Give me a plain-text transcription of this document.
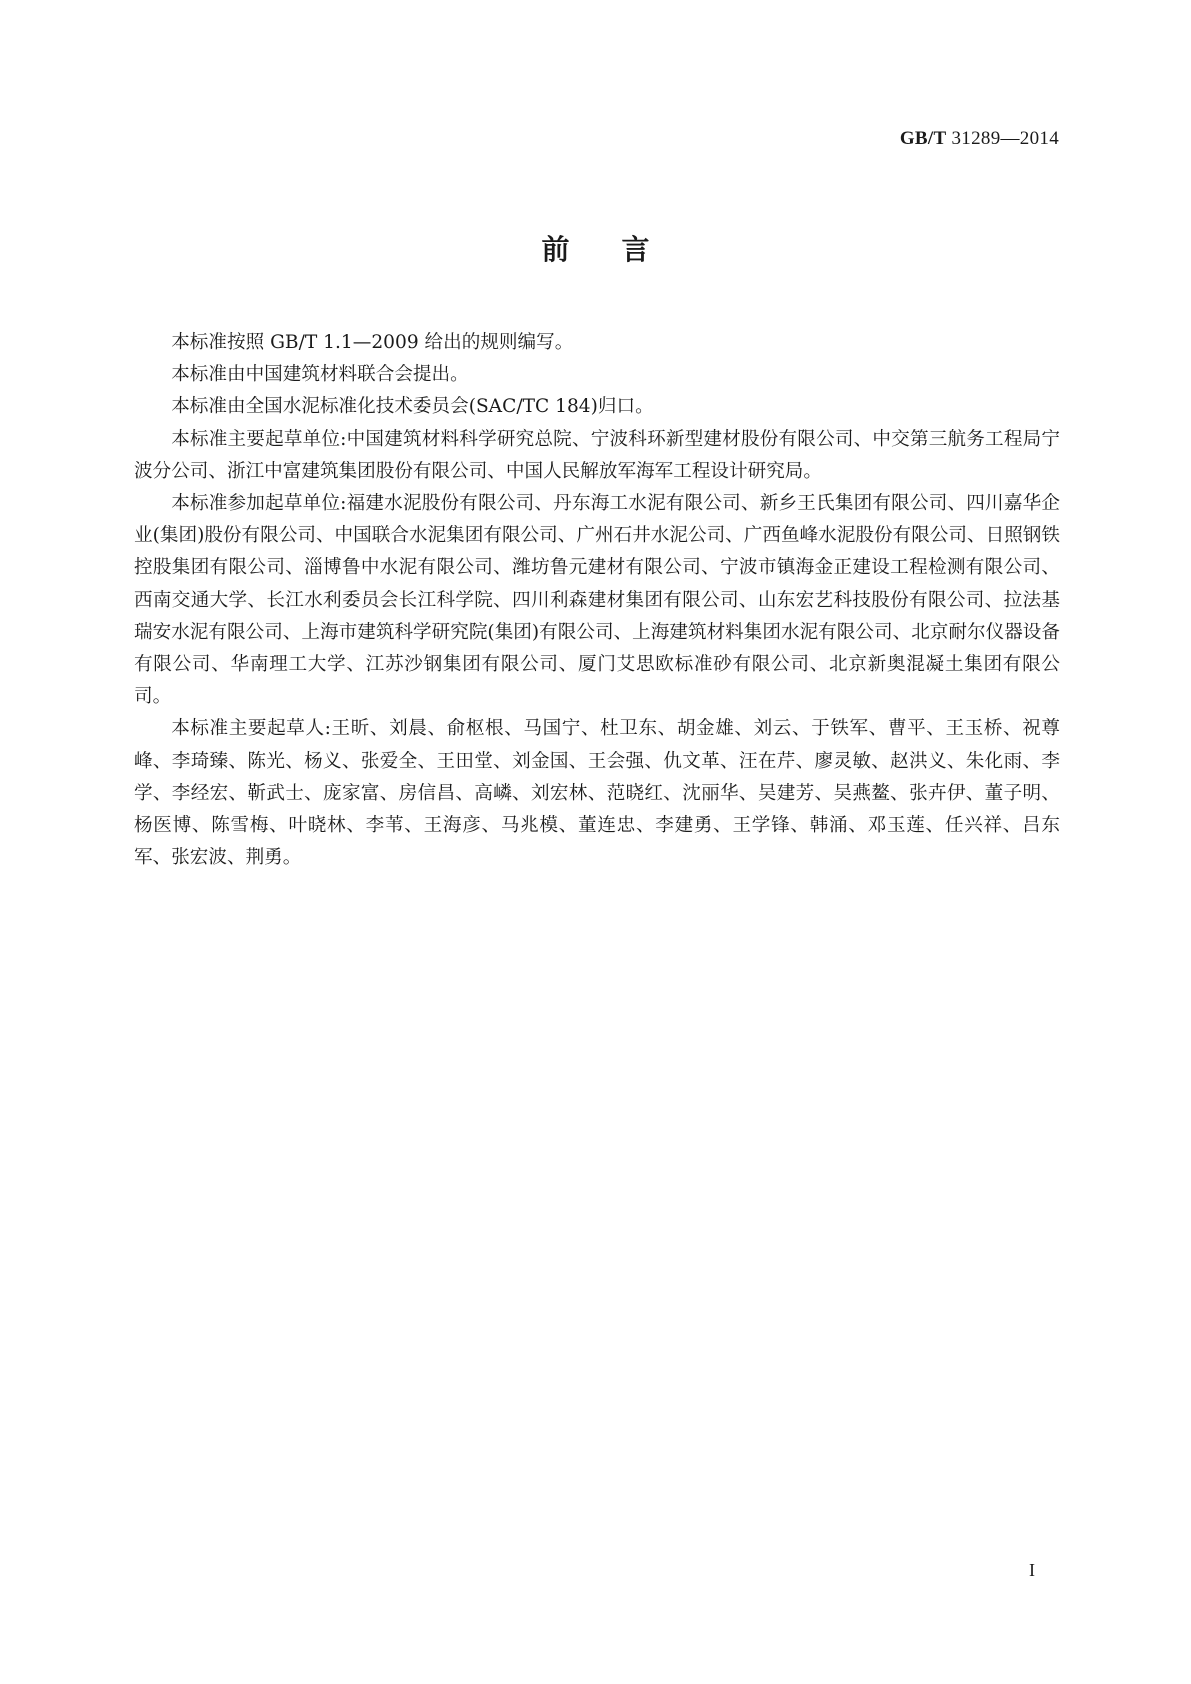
GB/T 31289—2014
前言

本标准按照 GB/T 1.1—2009 给出的规则编写。

本标准由中国建筑材料联合会提出。

本标准由全国水泥标准化技术委员会(SAC/TC 184)归口。

本标准主要起草单位:中国建筑材料科学研究总院、宁波科环新型建材股份有限公司、中交第三航务工程局宁波分公司、浙江中富建筑集团股份有限公司、中国人民解放军海军工程设计研究局。

本标准参加起草单位:福建水泥股份有限公司、丹东海工水泥有限公司、新乡王氏集团有限公司、四川嘉华企业(集团)股份有限公司、中国联合水泥集团有限公司、广州石井水泥公司、广西鱼峰水泥股份有限公司、日照钢铁控股集团有限公司、淄博鲁中水泥有限公司、潍坊鲁元建材有限公司、宁波市镇海金正建设工程检测有限公司、西南交通大学、长江水利委员会长江科学院、四川利森建材集团有限公司、山东宏艺科技股份有限公司、拉法基瑞安水泥有限公司、上海市建筑科学研究院(集团)有限公司、上海建筑材料集团水泥有限公司、北京耐尔仪器设备有限公司、华南理工大学、江苏沙钢集团有限公司、厦门艾思欧标准砂有限公司、北京新奥混凝土集团有限公司。

本标准主要起草人:王昕、刘晨、俞枢根、马国宁、杜卫东、胡金雄、刘云、于铁军、曹平、王玉桥、祝尊峰、李琦臻、陈光、杨义、张爱全、王田堂、刘金国、王会强、仇文革、汪在芹、廖灵敏、赵洪义、朱化雨、李学、李经宏、靳武士、庞家富、房信昌、高嶙、刘宏林、范晓红、沈丽华、吴建芳、吴燕鳌、张卉伊、董子明、杨医博、陈雪梅、叶晓林、李苇、王海彦、马兆模、董连忠、李建勇、王学锋、韩涌、邓玉莲、任兴祥、吕东军、张宏波、荆勇。

I
